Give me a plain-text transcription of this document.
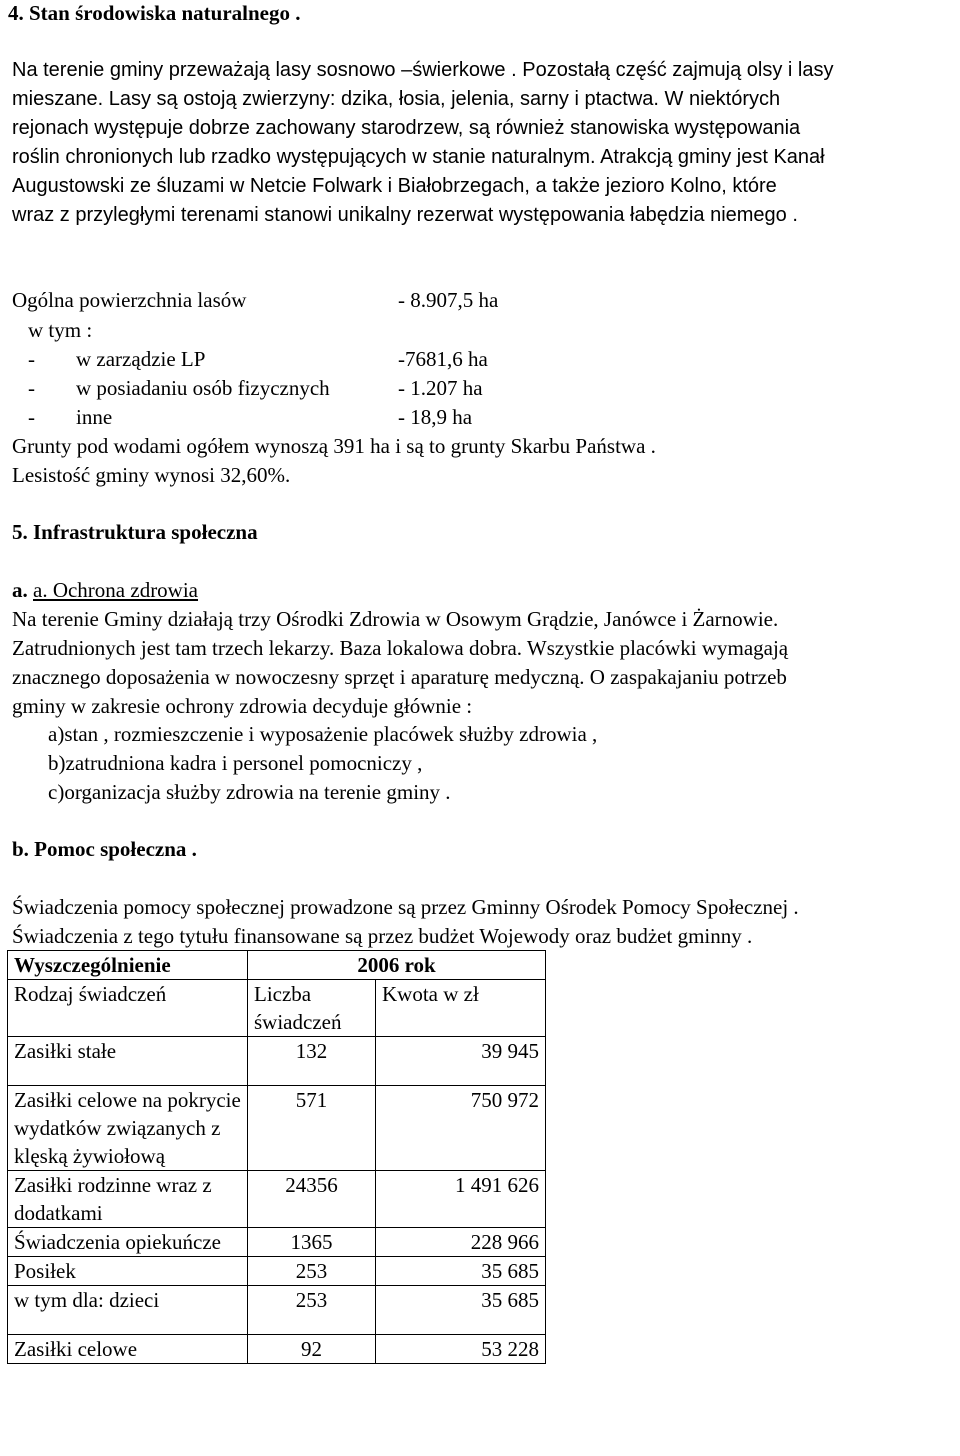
4. Stan środowiska naturalnego .
Na terenie gminy przeważają lasy sosnowo –świerkowe . Pozostałą część zajmują olsy i lasy
mieszane. Lasy są ostoją zwierzyny: dzika, łosia, jelenia, sarny i ptactwa. W niektórych
rejonach występuje dobrze zachowany starodrzew, są również stanowiska występowania
roślin chronionych lub rzadko występujących w stanie naturalnym. Atrakcją gminy jest Kanał
Augustowski ze śluzami w Netcie Folwark i Białobrzegach, a także jezioro Kolno, które
wraz z przyległymi terenami stanowi unikalny rezerwat występowania łabędzia niemego .
Ogólna powierzchnia lasów	- 8.907,5 ha
w tym :
- w zarządzie LP	-7681,6 ha
- w posiadaniu osób fizycznych	- 1.207 ha
- inne	- 18,9 ha
Grunty pod wodami ogółem wynoszą 391 ha i są to grunty Skarbu Państwa .
Lesistość gminy wynosi 32,60%.
5. Infrastruktura społeczna
a. a. Ochrona zdrowia
Na terenie Gminy działają trzy Ośrodki Zdrowia w Osowym Grądzie, Janówce i Żarnowie.
Zatrudnionych jest tam trzech lekarzy. Baza lokalowa dobra. Wszystkie placówki wymagają
znacznego doposażenia w nowoczesny sprzęt i aparaturę medyczną. O zaspakajaniu potrzeb
gminy w zakresie ochrony zdrowia decyduje głównie :
a)stan , rozmieszczenie i wyposażenie placówek służby zdrowia ,
b)zatrudniona kadra i personel pomocniczy ,
c)organizacja służby zdrowia na terenie gminy .
b. Pomoc społeczna .
Świadczenia pomocy społecznej prowadzone są przez Gminny Ośrodek Pomocy Społecznej .
Świadczenia z tego tytułu finansowane są przez budżet Wojewody oraz budżet gminny .
Wyszczególnienie	2006 rok	
Rodzaj świadczeń	Liczba świadczeń	Kwota w zł
Zasiłki stałe	132	39 945
Zasiłki celowe na pokrycie wydatków związanych z klęską żywiołową	571	750 972
Zasiłki rodzinne wraz z dodatkami	24356	1 491 626
Świadczenia opiekuńcze	1365	228 966
Posiłek	253	35 685
w tym dla: dzieci	253	35 685
Zasiłki celowe	92	53 228
